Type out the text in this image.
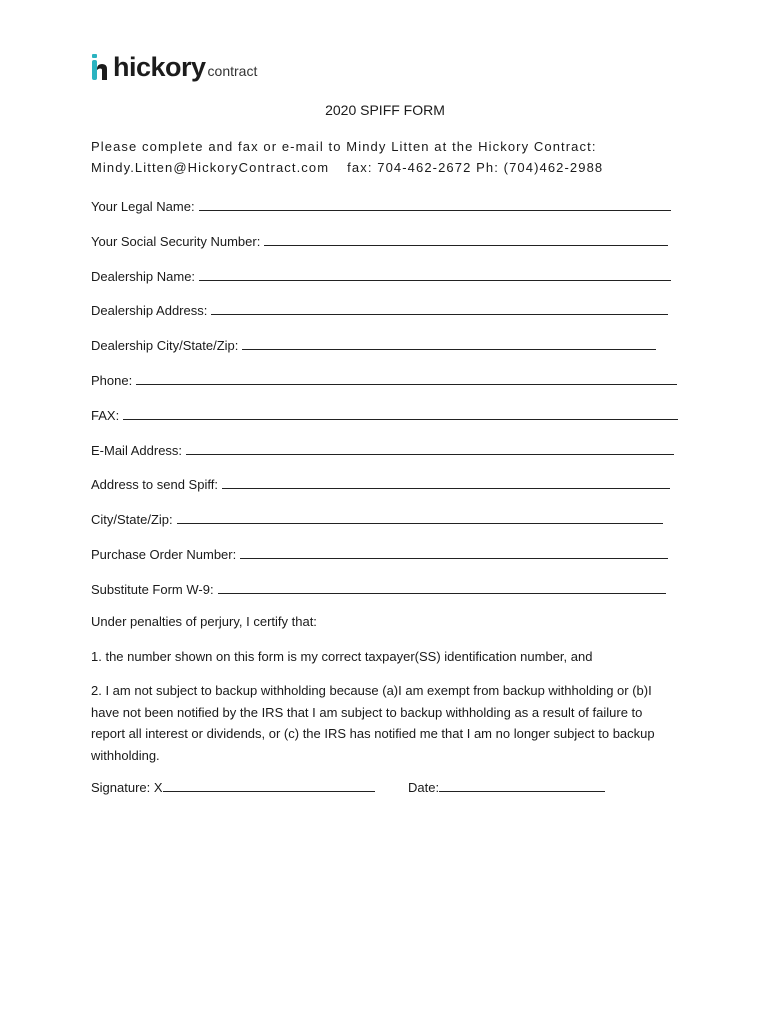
hickory contract
2020 SPIFF FORM
Please complete and fax or e-mail to Mindy Litten at the Hickory Contract:
Mindy.Litten@HickoryContract.com fax: 704-462-2672 Ph: (704)462-2988
Your Legal Name:
Your Social Security Number:
Dealership Name:
Dealership Address:
Dealership City/State/Zip:
Phone:
FAX:
E-Mail Address:
Address to send Spiff:
City/State/Zip:
Purchase Order Number:
Substitute Form W-9:
Under penalties of perjury, I certify that:
1. the number shown on this form is my correct taxpayer(SS) identification number, and
2. I am not subject to backup withholding because (a)I am exempt from backup withholding or (b)I have not been notified by the IRS that I am subject to backup withholding as a result of failure to report all interest or dividends, or (c) the IRS has notified me that I am no longer subject to backup withholding.
Signature: X	Date:
